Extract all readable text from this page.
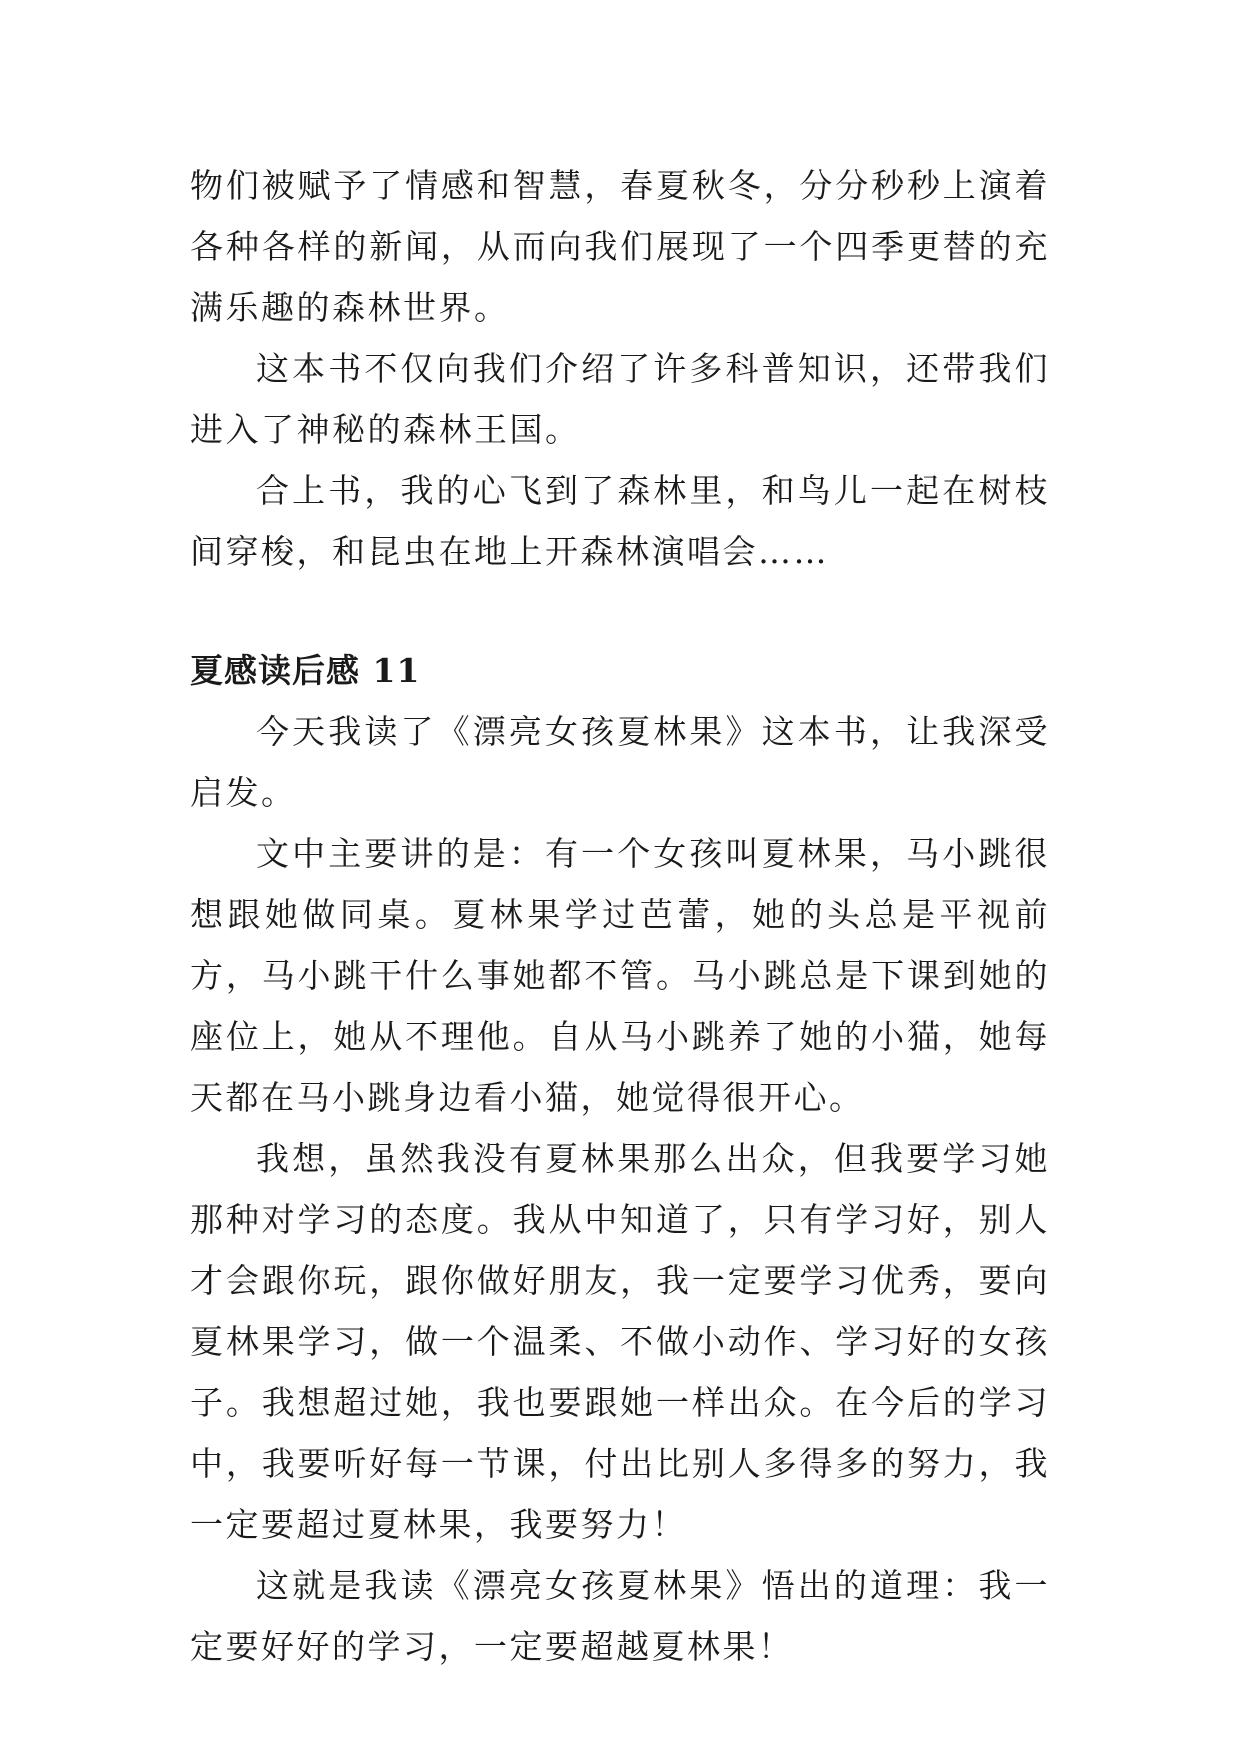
物们被赋予了情感和智慧，春夏秋冬，分分秒秒上演着各种各样的新闻，从而向我们展现了一个四季更替的充满乐趣的森林世界。

这本书不仅向我们介绍了许多科普知识，还带我们进入了神秘的森林王国。

合上书，我的心飞到了森林里，和鸟儿一起在树枝间穿梭，和昆虫在地上开森林演唱会……

夏感读后感 11

今天我读了《漂亮女孩夏林果》这本书，让我深受启发。

文中主要讲的是：有一个女孩叫夏林果，马小跳很想跟她做同桌。夏林果学过芭蕾，她的头总是平视前方，马小跳干什么事她都不管。马小跳总是下课到她的座位上，她从不理他。自从马小跳养了她的小猫，她每天都在马小跳身边看小猫，她觉得很开心。

我想，虽然我没有夏林果那么出众，但我要学习她那种对学习的态度。我从中知道了，只有学习好，别人才会跟你玩，跟你做好朋友，我一定要学习优秀，要向夏林果学习，做一个温柔、不做小动作、学习好的女孩子。我想超过她，我也要跟她一样出众。在今后的学习中，我要听好每一节课，付出比别人多得多的努力，我一定要超过夏林果，我要努力！

这就是我读《漂亮女孩夏林果》悟出的道理：我一定要好好的学习，一定要超越夏林果！
